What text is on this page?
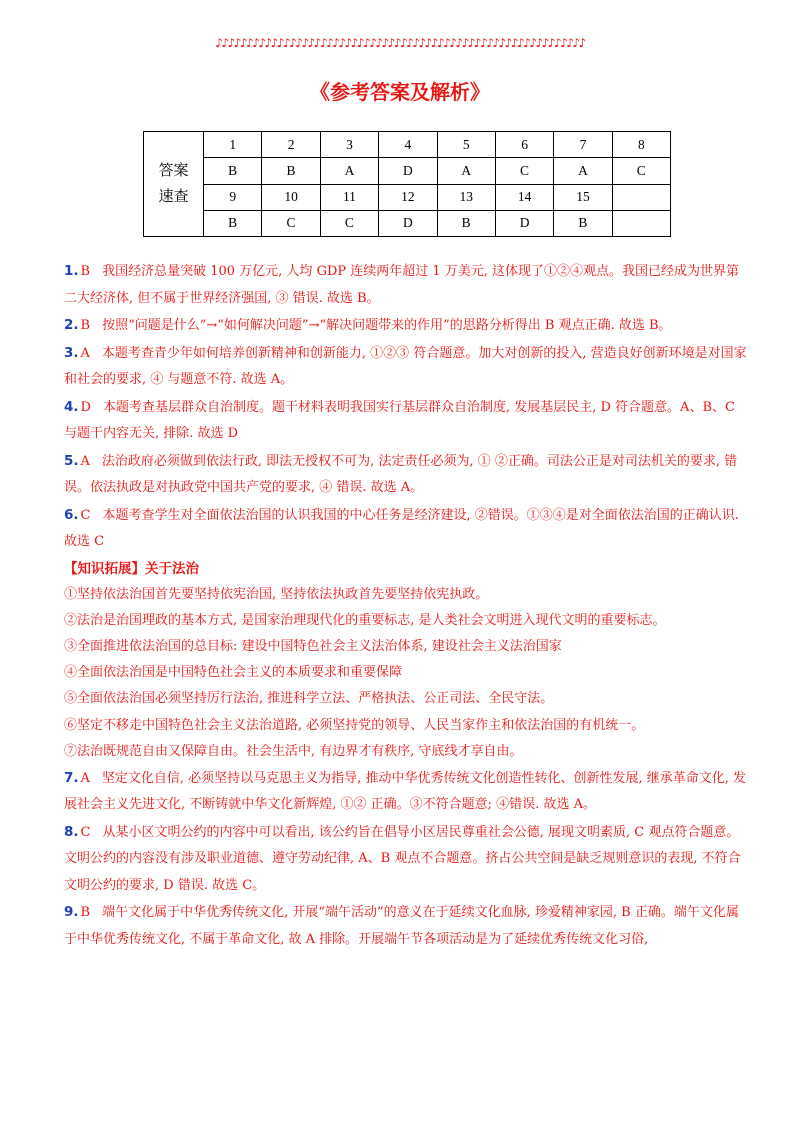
♪♪♪♪♪♪♪♪♪♪♪♪♪♪♪♪♪♪♪♪♪♪♪♪♪♪♪♪♪♪♪♪♪♪♪♪♪♪♪♪♪♪♪♪♪♪♪♪♪♪♪♪♪♪♪♪♪♪♪♪
《参考答案及解析》
答案
速查	1	2	3	4	5	6	7	8
	B	B	A	D	A	C	A	C
	9	10	11	12	13	14	15	
	B	C	C	D	B	D	B	

1. B 我国经济总量突破 100 万亿元, 人均 GDP 连续两年超过 1 万美元, 这体现了①②④观点。我国已经成为世界第二大经济体, 但不属于世界经济强国, ③ 错误. 故选 B。

2. B 按照“问题是什么”→“如何解决问题”→“解决问题带来的作用”的思路分析得出 B 观点正确. 故选 B。

3. A 本题考查青少年如何培养创新精神和创新能力, ①②③ 符合题意。加大对创新的投入, 营造良好创新环境是对国家和社会的要求, ④ 与题意不符. 故选 A。

4. D 本题考查基层群众自治制度。题干材料表明我国实行基层群众自治制度, 发展基层民主, D 符合题意。A、B、C 与题干内容无关, 排除. 故选 D

5. A 法治政府必须做到依法行政, 即法无授权不可为, 法定责任必须为, ① ②正确。司法公正是对司法机关的要求, 错误。依法执政是对执政党中国共产党的要求, ④ 错误. 故选 A。

6. C 本题考查学生对全面依法治国的认识我国的中心任务是经济建设, ②错误。①③④是对全面依法治国的正确认识. 故选 C

【知识拓展】关于法治
①坚持依法治国首先要坚持依宪治国, 坚持依法执政首先要坚持依宪执政。
②法治是治国理政的基本方式, 是国家治理现代化的重要标志, 是人类社会文明进入现代文明的重要标志。
③全面推进依法治国的总目标: 建设中国特色社会主义法治体系, 建设社会主义法治国家
④全面依法治国是中国特色社会主义的本质要求和重要保障
⑤全面依法治国必须坚持厉行法治, 推进科学立法、严格执法、公正司法、全民守法。
⑥坚定不移走中国特色社会主义法治道路, 必须坚持党的领导、人民当家作主和依法治国的有机统一。
⑦法治既规范自由又保障自由。社会生活中, 有边界才有秩序, 守底线才享自由。

7. A 坚定文化自信, 必须坚持以马克思主义为指导, 推动中华优秀传统文化创造性转化、创新性发展, 继承革命文化, 发展社会主义先进文化, 不断铸就中华文化新辉煌, ①② 正确。③不符合题意; ④错误. 故选 A。

8. C 从某小区文明公约的内容中可以看出, 该公约旨在倡导小区居民尊重社会公德, 展现文明素质, C 观点符合题意。文明公约的内容没有涉及职业道德、遵守劳动纪律, A、B 观点不合题意。挤占公共空间是缺乏规则意识的表现, 不符合文明公约的要求, D 错误. 故选 C。

9. B 端午文化属于中华优秀传统文化, 开展“端午活动”的意义在于延续文化血脉, 珍爱精神家园, B 正确。端午文化属于中华优秀传统文化, 不属于革命文化, 故 A 排除。开展端午节各项活动是为了延续优秀传统文化习俗,
